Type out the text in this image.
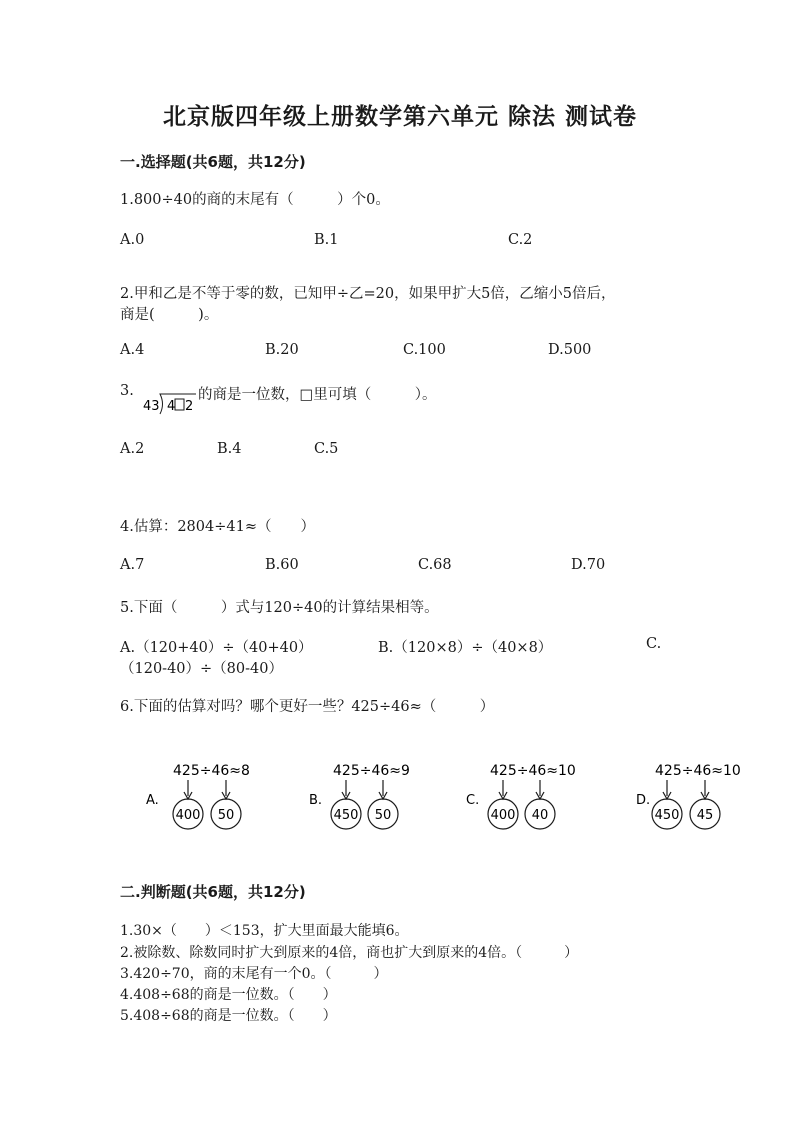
北京版四年级上册数学第六单元 除法 测试卷
一.选择题(共6题，共12分)
1.800÷40的商的末尾有（　　　）个0。
A.0	B.1	C.2
2.甲和乙是不等于零的数，已知甲÷乙=20，如果甲扩大5倍，乙缩小5倍后，
商是(　　　)。
A.4	B.20	C.100	D.500
3.
43 4 2
的商是一位数，□里可填（　　　）。
A.2	B.4	C.5
4.估算：2804÷41≈（　　）
A.7	B.60	C.68	D.70
5.下面（　　　）式与120÷40的计算结果相等。
A.（120+40）÷（40+40）	B.（120×8）÷（40×8）	C.
（120-40）÷（80-40）
6.下面的估算对吗？哪个更好一些？425÷46≈（　　　）
A.
425÷46≈8
400 50
B.
425÷46≈9
450 50
C.
425÷46≈10
400 40
D.
425÷46≈10
450 45
二.判断题(共6题，共12分)
1.30×（　　）＜153，扩大里面最大能填6。
2.被除数、除数同时扩大到原来的4倍，商也扩大到原来的4倍。（　　　）
3.420÷70，商的末尾有一个0。（　　　）
4.408÷68的商是一位数。（　　）
5.408÷68的商是一位数。（　　）
